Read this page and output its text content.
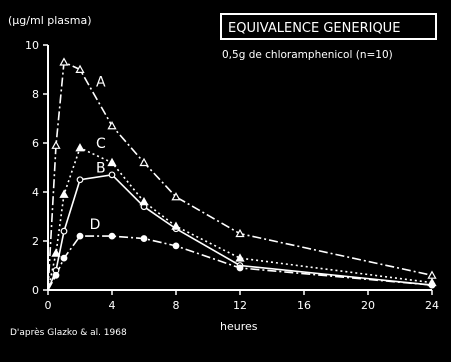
(µg/ml plasma)
EQUIVALENCE GENERIQUE
0,5g de chloramphenicol (n=10)
heures
D'après Glazko & al. 1968
0	4	8	12	16	20	24
0
2
4
6
8
10
A
C
B
D
